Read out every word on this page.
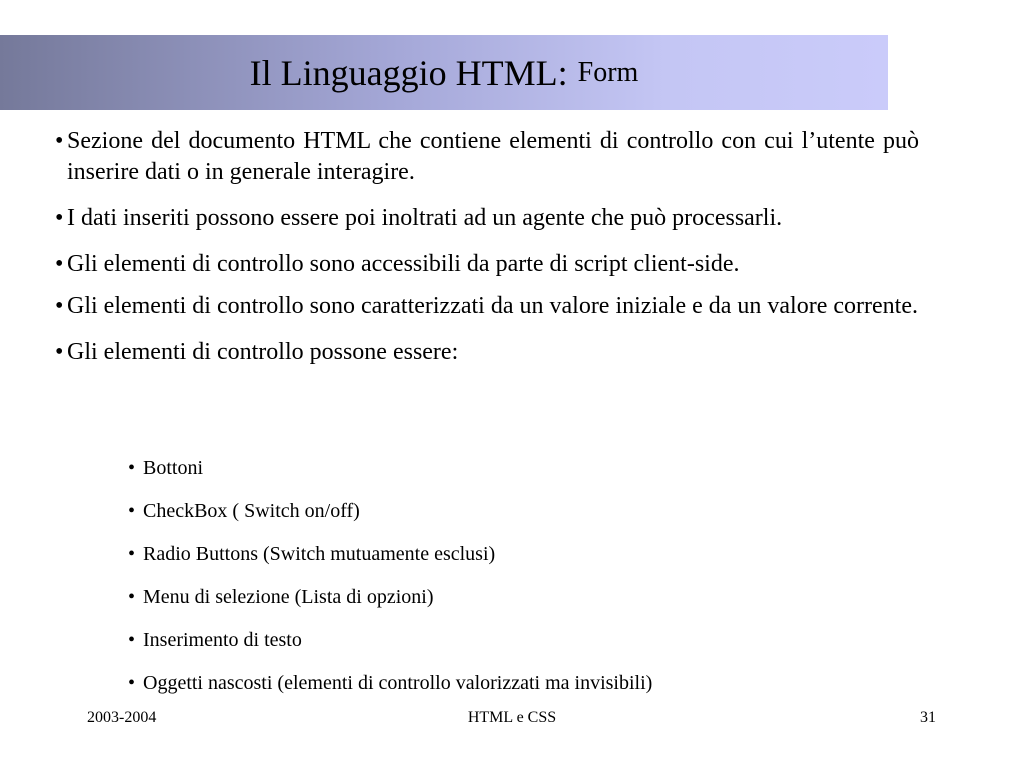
Il Linguaggio HTML: Form
• Sezione del documento HTML che contiene elementi di controllo con cui l’utente può inserire dati o in generale interagire.
• I dati inseriti possono essere poi inoltrati ad un agente che può processarli.
• Gli elementi di controllo sono accessibili da parte di script client-side.
• Gli elementi di controllo sono caratterizzati da un valore iniziale e da un valore corrente.
• Gli elementi di controllo possone essere:
• Bottoni
• CheckBox ( Switch on/off)
• Radio Buttons (Switch mutuamente esclusi)
• Menu di selezione (Lista di opzioni)
• Inserimento di testo
• Oggetti nascosti (elementi di controllo valorizzati ma invisibili)
2003-2004	HTML e CSS	31
